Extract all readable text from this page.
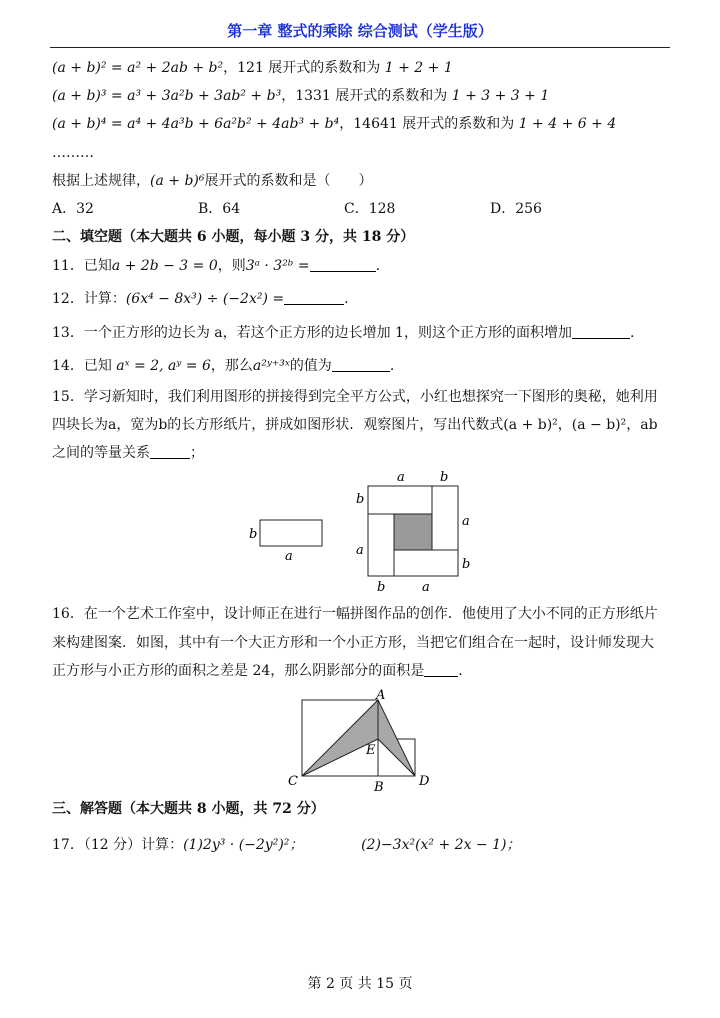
第一章 整式的乘除 综合测试（学生版）
(a + b)² = a² + 2ab + b²，121 展开式的系数和为 1 + 2 + 1
(a + b)³ = a³ + 3a²b + 3ab² + b³，1331 展开式的系数和为 1 + 3 + 3 + 1
(a + b)⁴ = a⁴ + 4a³b + 6a²b² + 4ab³ + b⁴，14641 展开式的系数和为 1 + 4 + 6 + 4
………
根据上述规律，(a + b)⁶展开式的系数和是（　　）
A．32	B．64	C．128	D．256
二、填空题（本大题共 6 小题，每小题 3 分，共 18 分）
11．已知a + 2b − 3 = 0，则3ᵃ · 3²ᵇ =	.
12．计算：(6x⁴ − 8x³) ÷ (−2x²) =	.
13．一个正方形的边长为 a，若这个正方形的边长增加 1，则这个正方形的面积增加	.
14．已知 aˣ = 2, aʸ = 6，那么a²ʸ⁺³ˣ的值为	.
15．学习新知时，我们利用图形的拼接得到完全平方公式，小红也想探究一下图形的奥秘，她利用
四块长为a，宽为b的长方形纸片，拼成如图形状．观察图片，写出代数式(a + b)²，(a − b)²，ab
之间的等量关系	；
b
a
a	b
b
a
a
b
b	a
16．在一个艺术工作室中，设计师正在进行一幅拼图作品的创作．他使用了大小不同的正方形纸片
来构建图案．如图，其中有一个大正方形和一个小正方形，当把它们组合在一起时，设计师发现大
正方形与小正方形的面积之差是 24，那么阴影部分的面积是 ．
A
B
C	D
E
三、解答题（本大题共 8 小题，共 72 分）
17．（12 分）计算：(1)2y³ · (−2y²)²；	(2)−3x²(x² + 2x − 1)；
第 2 页 共 15 页
